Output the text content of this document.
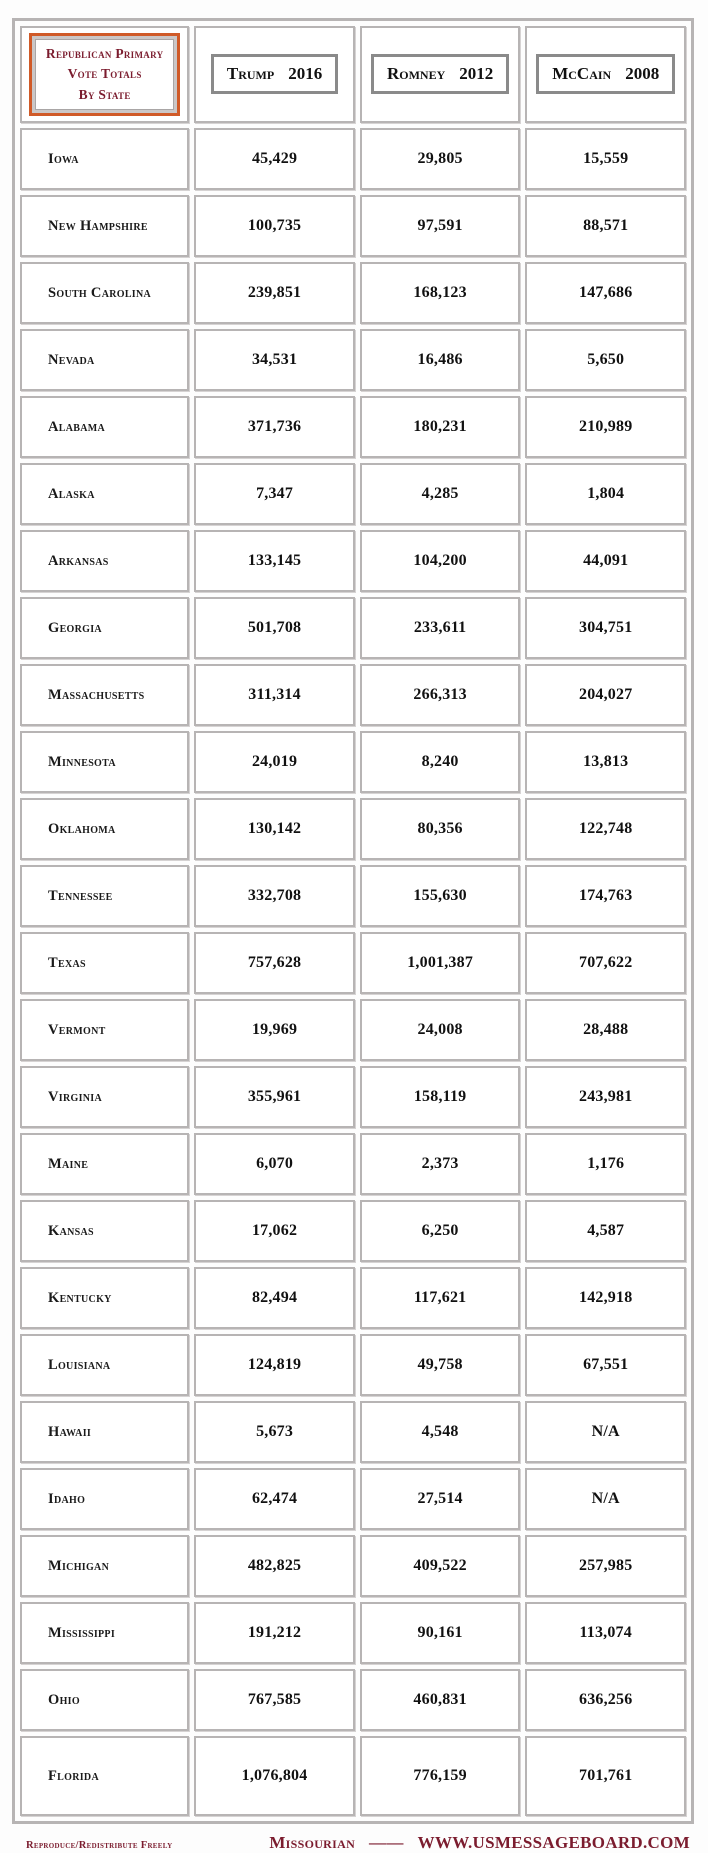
Republican Primary
Vote Totals
By State	Trump 2016	Romney 2012	McCain 2008
Iowa	45,429	29,805	15,559
New Hampshire	100,735	97,591	88,571
South Carolina	239,851	168,123	147,686
Nevada	34,531	16,486	5,650
Alabama	371,736	180,231	210,989
Alaska	7,347	4,285	1,804
Arkansas	133,145	104,200	44,091
Georgia	501,708	233,611	304,751
Massachusetts	311,314	266,313	204,027
Minnesota	24,019	8,240	13,813
Oklahoma	130,142	80,356	122,748
Tennessee	332,708	155,630	174,763
Texas	757,628	1,001,387	707,622
Vermont	19,969	24,008	28,488
Virginia	355,961	158,119	243,981
Maine	6,070	2,373	1,176
Kansas	17,062	6,250	4,587
Kentucky	82,494	117,621	142,918
Louisiana	124,819	49,758	67,551
Hawaii	5,673	4,548	N/A
Idaho	62,474	27,514	N/A
Michigan	482,825	409,522	257,985
Mississippi	191,212	90,161	113,074
Ohio	767,585	460,831	636,256
Florida	1,076,804	776,159	701,761
Reproduce/Redistribute Freely	Missourian —— WWW.USMESSAGEBOARD.COM
